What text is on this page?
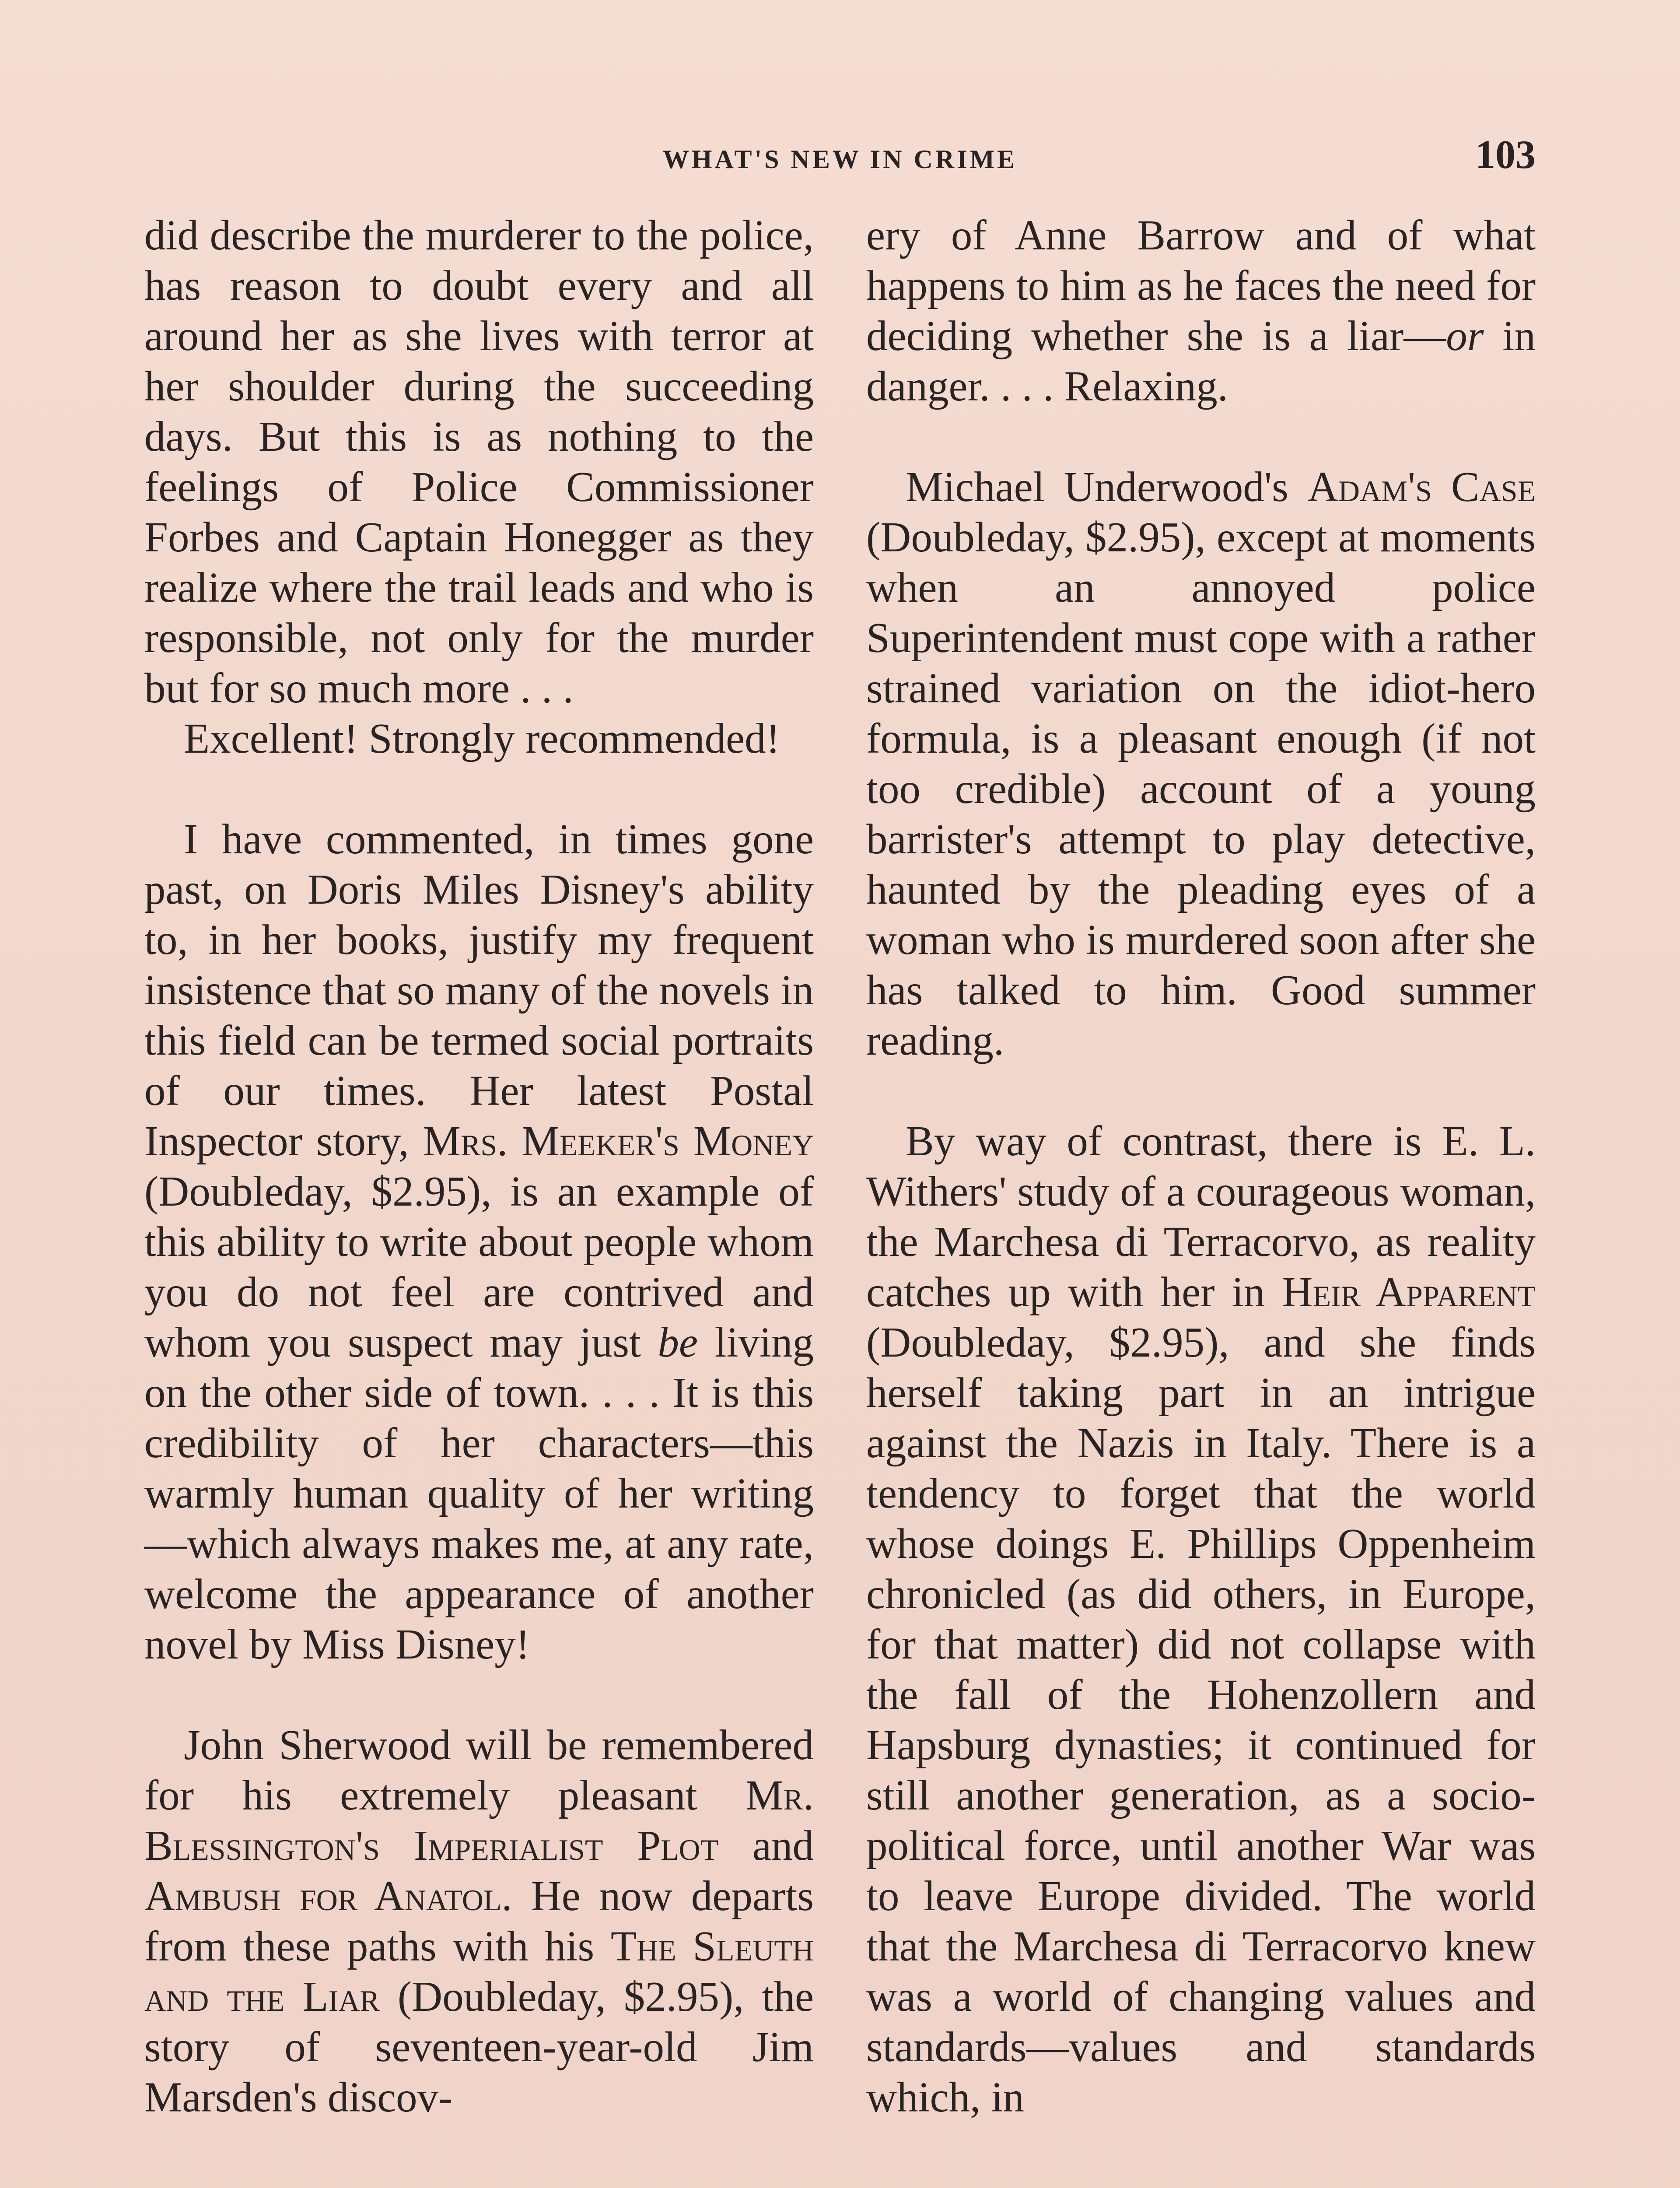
WHAT'S NEW IN CRIME	103

did describe the murderer to the police, has reason to doubt every and all around her as she lives with terror at her shoulder during the succeeding days. But this is as nothing to the feelings of Police Commissioner Forbes and Captain Honegger as they realize where the trail leads and who is responsible, not only for the murder but for so much more . . .

Excellent! Strongly recommended!

I have commented, in times gone past, on Doris Miles Disney's ability to, in her books, justify my frequent insistence that so many of the novels in this field can be termed social portraits of our times. Her latest Postal Inspector story, Mrs. Meeker's Money (Doubleday, $2.95), is an example of this ability to write about people whom you do not feel are contrived and whom you suspect may just be living on the other side of town. . . . It is this credibility of her characters—this warmly human quality of her writing—which always makes me, at any rate, welcome the appearance of another novel by Miss Disney!

John Sherwood will be remembered for his extremely pleasant Mr. Blessington's Imperialist Plot and Ambush for Anatol. He now departs from these paths with his The Sleuth and the Liar (Doubleday, $2.95), the story of seventeen-year-old Jim Marsden's discov-

ery of Anne Barrow and of what happens to him as he faces the need for deciding whether she is a liar—or in danger. . . . Relaxing.

Michael Underwood's Adam's Case (Doubleday, $2.95), except at moments when an annoyed police Superintendent must cope with a rather strained variation on the idiot-hero formula, is a pleasant enough (if not too credible) account of a young barrister's attempt to play detective, haunted by the pleading eyes of a woman who is murdered soon after she has talked to him. Good summer reading.

By way of contrast, there is E. L. Withers' study of a courageous woman, the Marchesa di Terracorvo, as reality catches up with her in Heir Apparent (Doubleday, $2.95), and she finds herself taking part in an intrigue against the Nazis in Italy. There is a tendency to forget that the world whose doings E. Phillips Oppenheim chronicled (as did others, in Europe, for that matter) did not collapse with the fall of the Hohenzollern and Hapsburg dynasties; it continued for still another generation, as a socio-political force, until another War was to leave Europe divided. The world that the Marchesa di Terracorvo knew was a world of changing values and standards—values and standards which, in
